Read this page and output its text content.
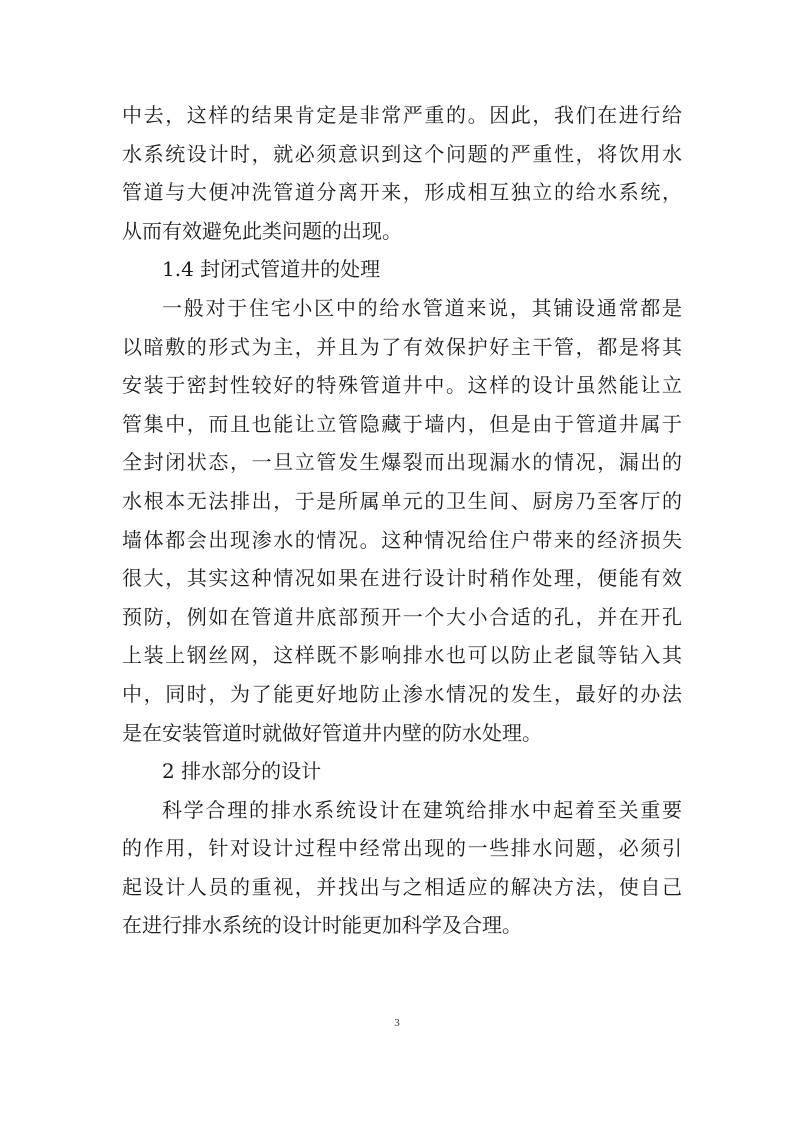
中去，这样的结果肯定是非常严重的。因此，我们在进行给
水系统设计时，就必须意识到这个问题的严重性，将饮用水
管道与大便冲洗管道分离开来，形成相互独立的给水系统，
从而有效避免此类问题的出现。
1.4 封闭式管道井的处理
一般对于住宅小区中的给水管道来说，其铺设通常都是
以暗敷的形式为主，并且为了有效保护好主干管，都是将其
安装于密封性较好的特殊管道井中。这样的设计虽然能让立
管集中，而且也能让立管隐藏于墙内，但是由于管道井属于
全封闭状态，一旦立管发生爆裂而出现漏水的情况，漏出的
水根本无法排出，于是所属单元的卫生间、厨房乃至客厅的
墙体都会出现渗水的情况。这种情况给住户带来的经济损失
很大，其实这种情况如果在进行设计时稍作处理，便能有效
预防，例如在管道井底部预开一个大小合适的孔，并在开孔
上装上钢丝网，这样既不影响排水也可以防止老鼠等钻入其
中，同时，为了能更好地防止渗水情况的发生，最好的办法
是在安装管道时就做好管道井内壁的防水处理。
2 排水部分的设计
科学合理的排水系统设计在建筑给排水中起着至关重要
的作用，针对设计过程中经常出现的一些排水问题，必须引
起设计人员的重视，并找出与之相适应的解决方法，使自己
在进行排水系统的设计时能更加科学及合理。
3
